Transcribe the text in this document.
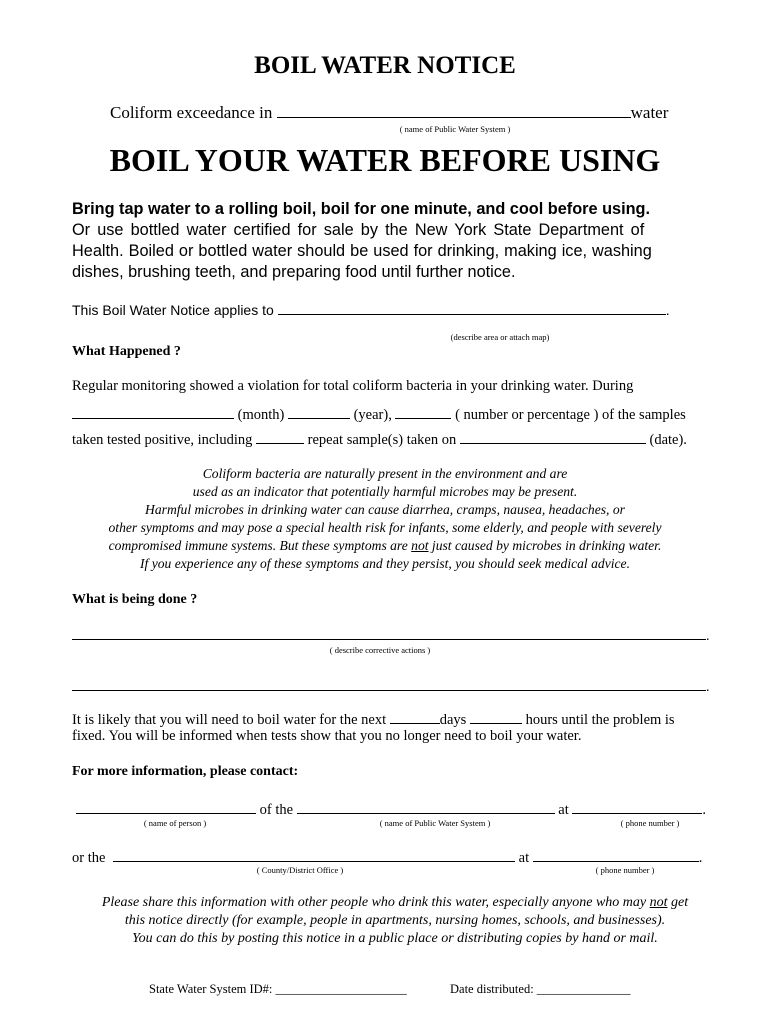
BOIL WATER NOTICE
Coliform exceedance in	water
( name of Public Water System )
BOIL YOUR WATER BEFORE USING
Bring tap water to a rolling boil, boil for one minute, and cool before using.
Or use bottled water certified for sale by the New York State Department of
Health. Boiled or bottled water should be used for drinking, making ice, washing
dishes, brushing teeth, and preparing food until further notice.
This Boil Water Notice applies to	.
(describe area or attach map)
What Happened ?
Regular monitoring showed a violation for total coliform bacteria in your drinking water. During
(month)	(year),	( number or percentage ) of the samples
taken tested positive, including	repeat sample(s) taken on	(date).
Coliform bacteria are naturally present in the environment and are
used as an indicator that potentially harmful microbes may be present.
Harmful microbes in drinking water can cause diarrhea, cramps, nausea, headaches, or
other symptoms and may pose a special health risk for infants, some elderly, and people with severely
compromised immune systems. But these symptoms are not just caused by microbes in drinking water.
If you experience any of these symptoms and they persist, you should seek medical advice.
What is being done ?
.
( describe corrective actions )
.
It is likely that you will need to boil water for the next	days	hours until the problem is
fixed. You will be informed when tests show that you no longer need to boil your water.
For more information, please contact:
of the	at	.
( name of person )	( name of Public Water System )	( phone number )
or the	at	.
( County/District Office )	( phone number )
Please share this information with other people who drink this water, especially anyone who may not get
this notice directly (for example, people in apartments, nursing homes, schools, and businesses).
You can do this by posting this notice in a public place or distributing copies by hand or mail.
State Water System ID#: _____________________	Date distributed: _______________
